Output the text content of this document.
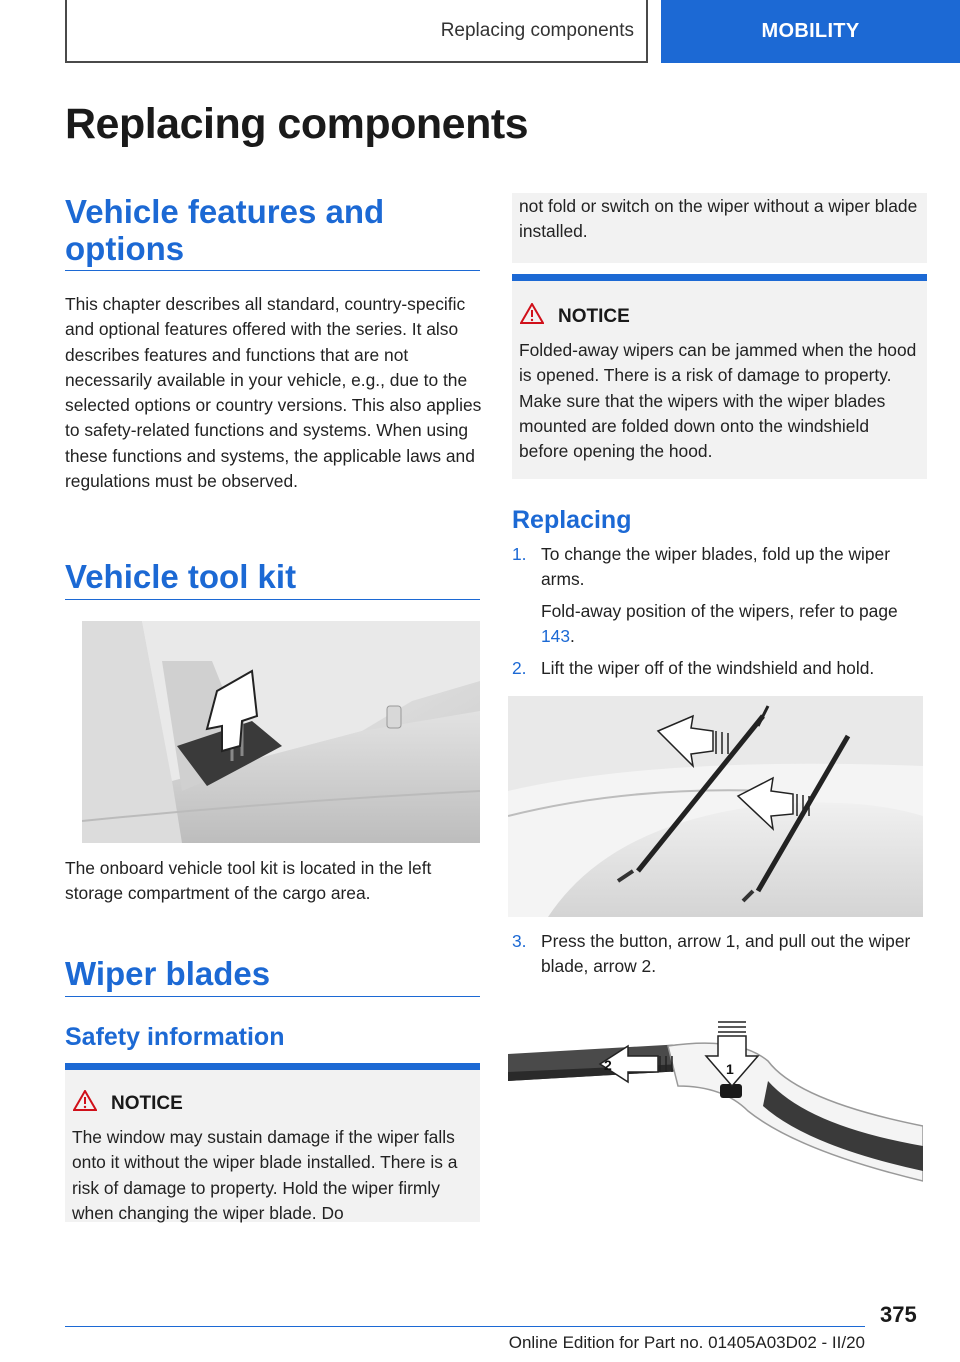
Replacing components	MOBILITY
Replacing components
Vehicle features and options

This chapter describes all standard, country-specific and optional features offered with the series. It also describes features and functions that are not necessarily available in your vehicle, e.g., due to the selected options or country versions. This also applies to safety-related functions and systems. When using these functions and systems, the applicable laws and regulations must be observed.

Vehicle tool kit

The onboard vehicle tool kit is located in the left storage compartment of the cargo area.

Wiper blades
Safety information
NOTICE

The window may sustain damage if the wiper falls onto it without the wiper blade installed. There is a risk of damage to property. Hold the wiper firmly when changing the wiper blade. Do

not fold or switch on the wiper without a wiper blade installed.

NOTICE

Folded-away wipers can be jammed when the hood is opened. There is a risk of damage to property. Make sure that the wipers with the wiper blades mounted are folded down onto the windshield before opening the hood.

Replacing
1. To change the wiper blades, fold up the wiper arms.
Fold-away position of the wipers, refer to page 143.
2. Lift the wiper off of the windshield and hold.
3. Press the button, arrow 1, and pull out the wiper blade, arrow 2.
2	1
375
Online Edition for Part no. 01405A03D02 - II/20
